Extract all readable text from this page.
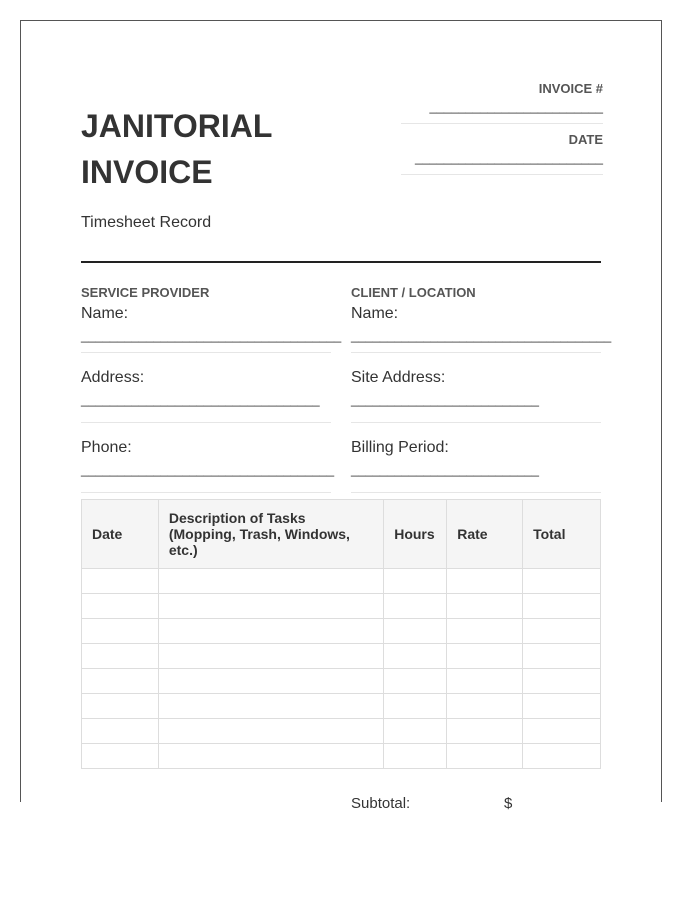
JANITORIAL
INVOICE
Timesheet Record
INVOICE #
________________________
DATE
__________________________
SERVICE PROVIDER
Name:
____________________________________
Address:
_________________________________
Phone:
___________________________________
CLIENT / LOCATION
Name:
____________________________________
Site Address:
__________________________
Billing Period:
__________________________
Date	Description of Tasks (Mopping, Trash, Windows, etc.)	Hours	Rate	Total

Subtotal:	$
